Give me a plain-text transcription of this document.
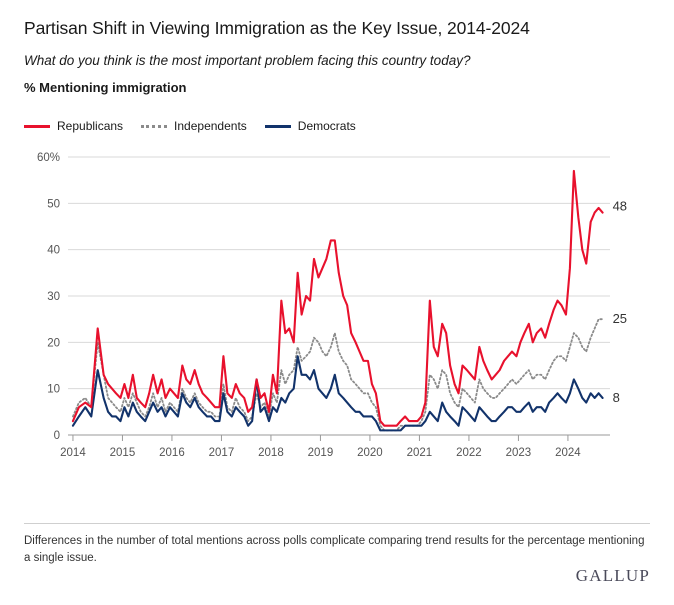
Partisan Shift in Viewing Immigration as the Key Issue, 2014-2024
What do you think is the most important problem facing this country today?
% Mentioning immigration
Republicans	Independents	Democrats
0
10
20
30
40
50
60%
2014 2015 2016 2017 2018 2019 2020 2021 2022 2023 2024
48
25
8
Differences in the number of total mentions across polls complicate comparing trend results for the percentage mentioning a single issue.
GALLUP
